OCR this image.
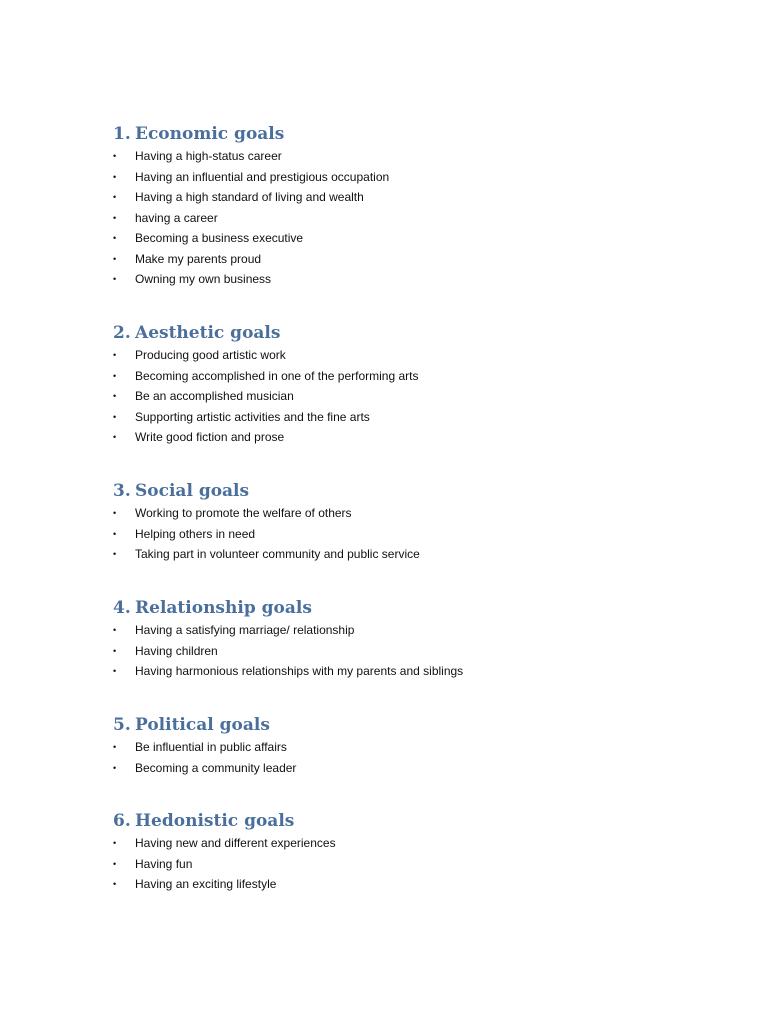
1. Economic goals
•	Having a high-status career
•	Having an influential and prestigious occupation
•	Having a high standard of living and wealth
•	having a career
•	Becoming a business executive
•	Make my parents proud
•	Owning my own business
2. Aesthetic goals
•	Producing good artistic work
•	Becoming accomplished in one of the performing arts
•	Be an accomplished musician
•	Supporting artistic activities and the fine arts
•	Write good fiction and prose
3. Social goals
•	Working to promote the welfare of others
•	Helping others in need
•	Taking part in volunteer community and public service
4. Relationship goals
•	Having a satisfying marriage/ relationship
•	Having children
•	Having harmonious relationships with my parents and siblings
5. Political goals
•	Be influential in public affairs
•	Becoming a community leader
6. Hedonistic goals
•	Having new and different experiences
•	Having fun
•	Having an exciting lifestyle
